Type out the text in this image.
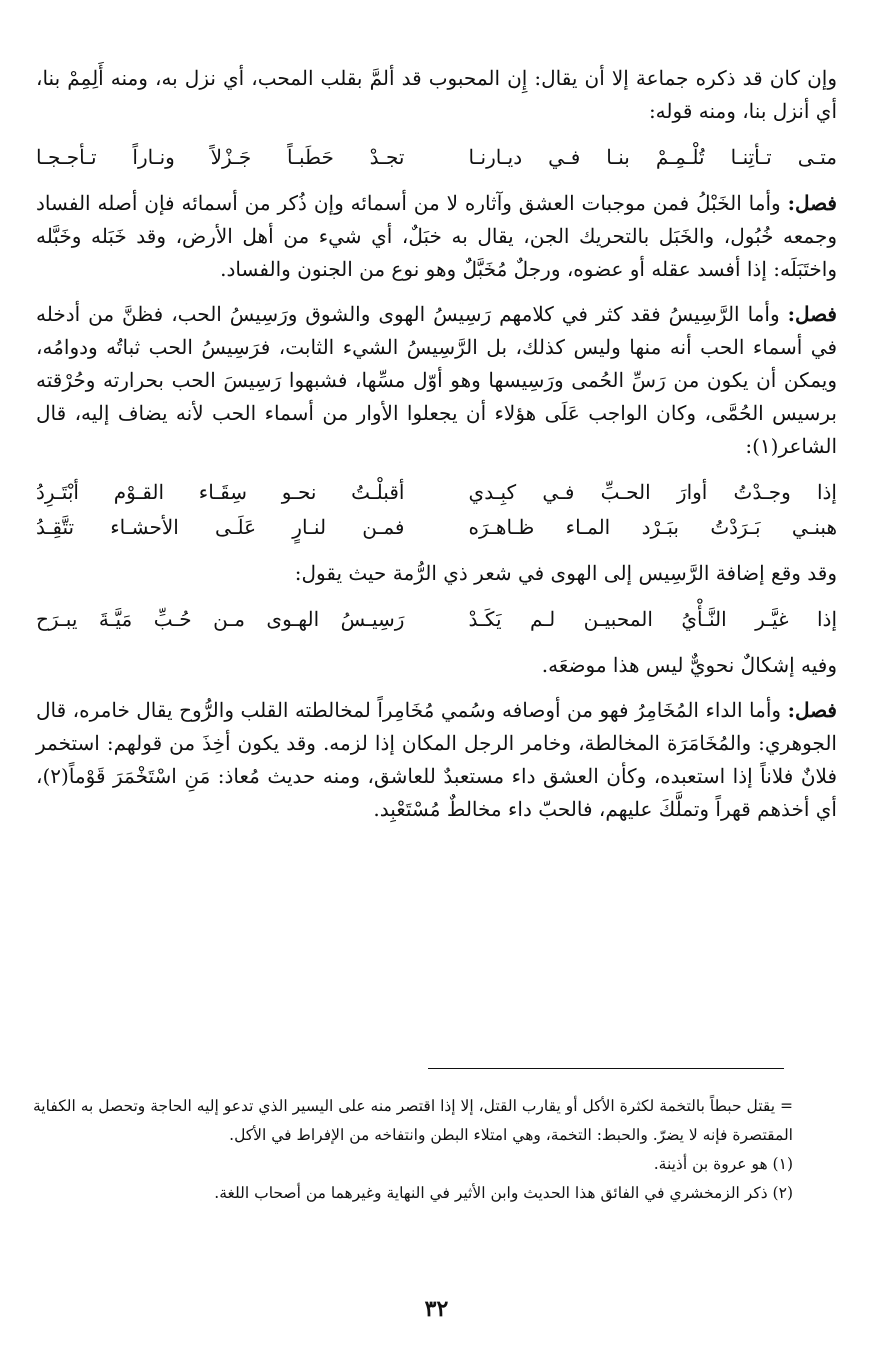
وإن كان قد ذكره جماعة إلا أن يقال: إِن المحبوب قد ألمَّ بقلب المحب، أي نزل به، ومنه أَلِمِمْ بنا، أي أنزل بنا، ومنه قوله:

متـى تـأتِنـا تُلْـمِـمْ بنـا فـي ديـارنـا
تجـدْ حَطَبـاً جَـزْلاً ونـاراً تـأجـجـا

فصل: وأما الخَبْلُ فمن موجبات العشق وآثاره لا من أسمائه وإن ذُكر من أسمائه فإن أصله الفساد وجمعه خُبُول، والخَبَل بالتحريك الجن، يقال به خبَلٌ، أي شيء من أهل الأرض، وقد خَبَله وخَبَّله واختَبَلَه: إذا أفسد عقله أو عضوه، ورجلٌ مُخَبَّلٌ وهو نوع من الجنون والفساد.

فصل: وأما الرَّسِيسُ فقد كثر في كلامهم رَسِيسُ الهوى والشوق ورَسِيسُ الحب، فظنَّ من أدخله في أسماء الحب أنه منها وليس كذلك، بل الرَّسِيسُ الشيء الثابت، فرَسِيسُ الحب ثباتُه ودوامُه، ويمكن أن يكون من رَسِّ الحُمى ورَسِيسها وهو أوّل مسِّها، فشبهوا رَسِيسَ الحب بحرارته وحُرْقته برسيس الحُمَّى، وكان الواجب عَلَى هؤلاء أن يجعلوا الأوار من أسماء الحب لأنه يضاف إليه، قال الشاعر(١):

إذا وجـدْتُ أوارَ الحـبِّ فـي كبِـدي
أقبلْـتُ نحـو سِقَـاء القـوْم أبْتَـرِدُ
هبنـي بَـرَدْتُ ببَـرْد المـاء ظـاهـرَه
فمـن لنـارٍ عَلَـى الأحشـاء تتَّقِـدُ

وقد وقع إضافة الرَّسِيس إلى الهوى في شعر ذي الرُّمة حيث يقول:

إذا غيَّـر النَّـأْيُ المحبيـن لـم يَكَـدْ
رَسِيـسُ الهـوى مـن حُـبِّ مَيَّـةَ يبـرَح

وفيه إشكالٌ نحويٌّ ليس هذا موضعَه.

فصل: وأما الداء المُخَامِرُ فهو من أوصافه وسُمي مُخَامِراً لمخالطته القلب والرُّوح يقال خامره، قال الجوهري: والمُخَامَرَة المخالطة، وخامر الرجل المكان إذا لزمه. وقد يكون أخِذَ من قولهم: استخمر فلانٌ فلاناً إذا استعبده، وكأن العشق داء مستعبدٌ للعاشق، ومنه حديث مُعاذ: مَنِ اسْتَخْمَرَ قَوْماً(٢)، أي أخذهم قهراً وتملَّكَ عليهم، فالحبّ داء مخالطٌ مُسْتَعْبِد.

= يقتل حبطاً بالتخمة لكثرة الأكل أو يقارب القتل، إلا إذا اقتصر منه على اليسير الذي تدعو إليه الحاجة وتحصل به الكفاية المقتصرة فإنه لا يضرّ. والحبط: التخمة، وهي امتلاء البطن وانتفاخه من الإفراط في الأكل.

(١) هو عروة بن أذينة.

(٢) ذكر الزمخشري في الفائق هذا الحديث وابن الأثير في النهاية وغيرهما من أصحاب اللغة.

٣٢
